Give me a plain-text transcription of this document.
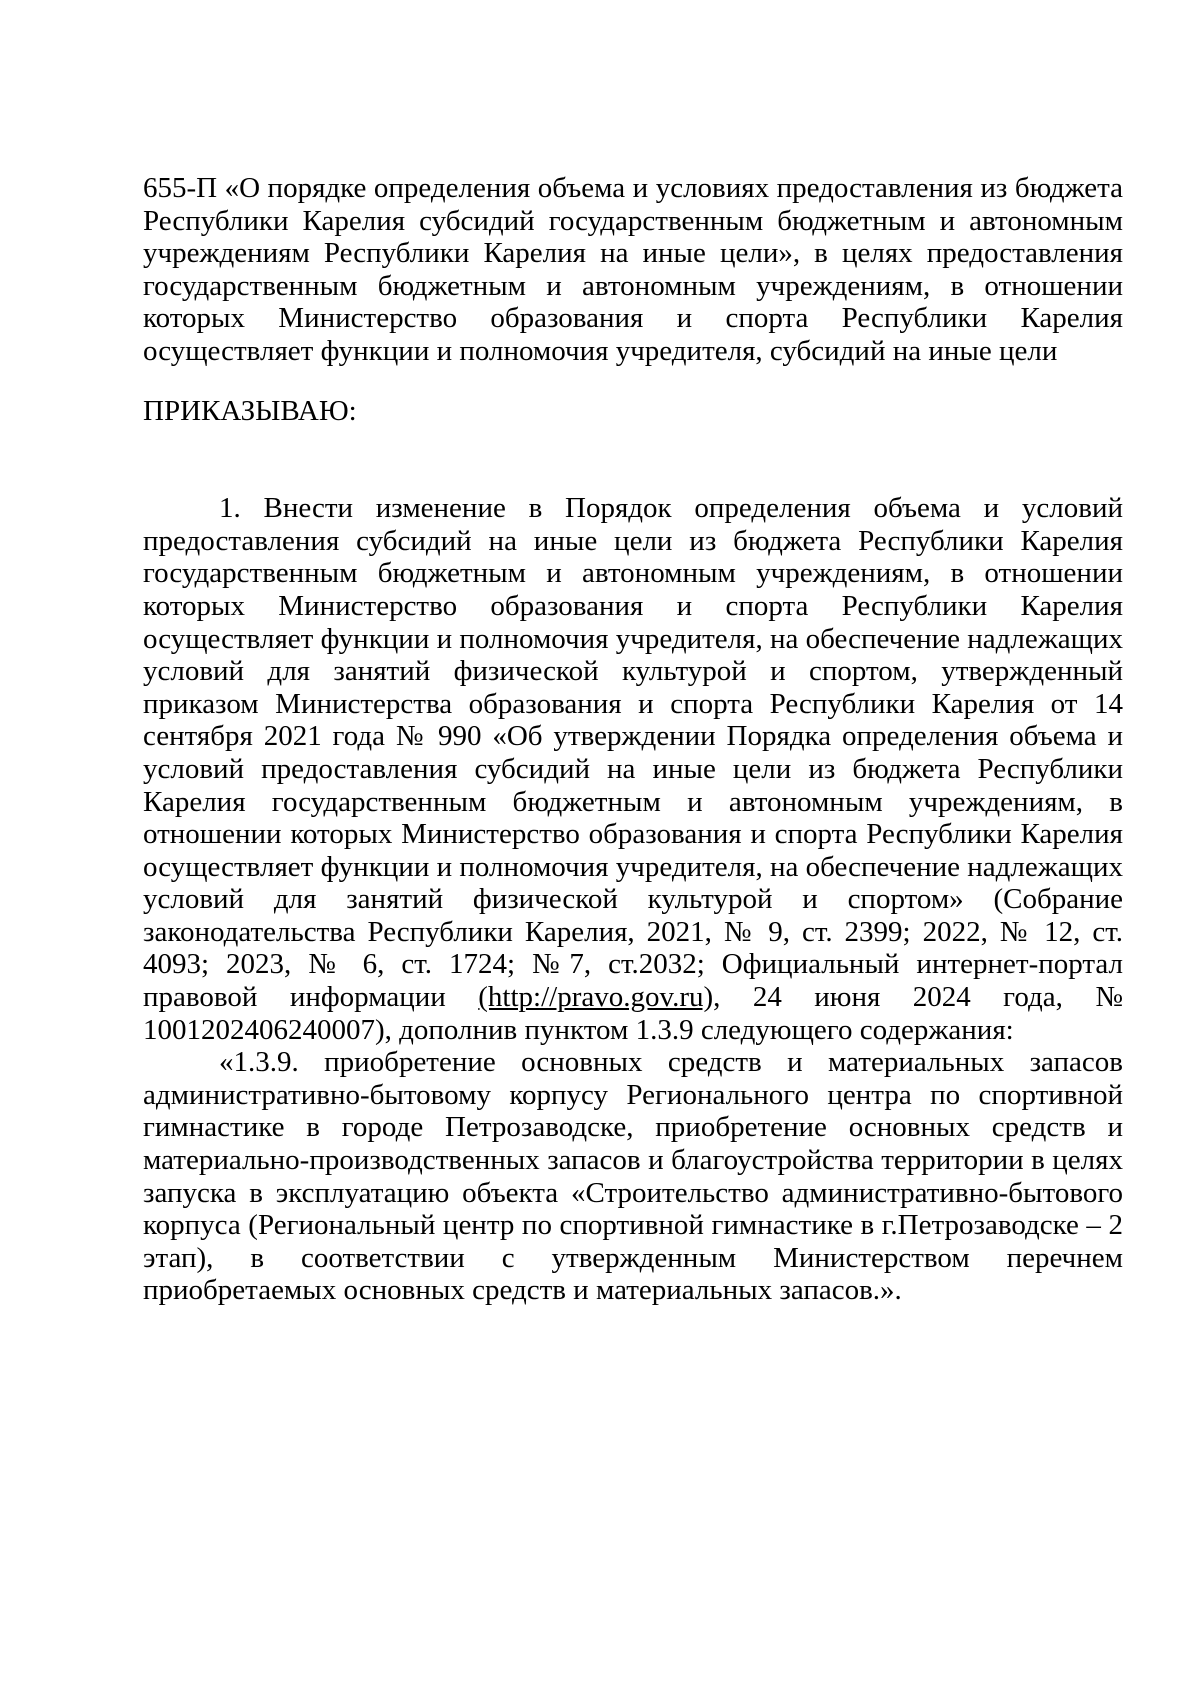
655-П «О порядке определения объема и условиях предоставления из бюджета Республики Карелия субсидий государственным бюджетным и автономным учреждениям Республики Карелия на иные цели», в целях предоставления государственным бюджетным и автономным учреждениям, в отношении которых Министерство образования и спорта Республики Карелия осуществляет функции и полномочия учредителя, субсидий на иные цели

ПРИКАЗЫВАЮ:

1. Внести изменение в Порядок определения объема и условий предоставления субсидий на иные цели из бюджета Республики Карелия государственным бюджетным и автономным учреждениям, в отношении которых Министерство образования и спорта Республики Карелия осуществляет функции и полномочия учредителя, на обеспечение надлежащих условий для занятий физической культурой и спортом, утвержденный приказом Министерства образования и спорта Республики Карелия от 14 сентября 2021 года № 990 «Об утверждении Порядка определения объема и условий предоставления субсидий на иные цели из бюджета Республики Карелия государственным бюджетным и автономным учреждениям, в отношении которых Министерство образования и спорта Республики Карелия осуществляет функции и полномочия учредителя, на обеспечение надлежащих условий для занятий физической культурой и спортом» (Собрание законодательства Республики Карелия, 2021, № 9, ст. 2399; 2022, № 12, ст. 4093; 2023, № 6, ст. 1724; №7, ст.2032; Официальный интернет-портал правовой информации (http://pravo.gov.ru), 24 июня 2024 года, № 1001202406240007), дополнив пунктом 1.3.9 следующего содержания:

«1.3.9. приобретение основных средств и материальных запасов административно-бытовому корпусу Регионального центра по спортивной гимнастике в городе Петрозаводске, приобретение основных средств и материально-производственных запасов и благоустройства территории в целях запуска в эксплуатацию объекта «Строительство административно-бытового корпуса (Региональный центр по спортивной гимнастике в г.Петрозаводске – 2 этап), в соответствии с утвержденным Министерством перечнем приобретаемых основных средств и материальных запасов.».
